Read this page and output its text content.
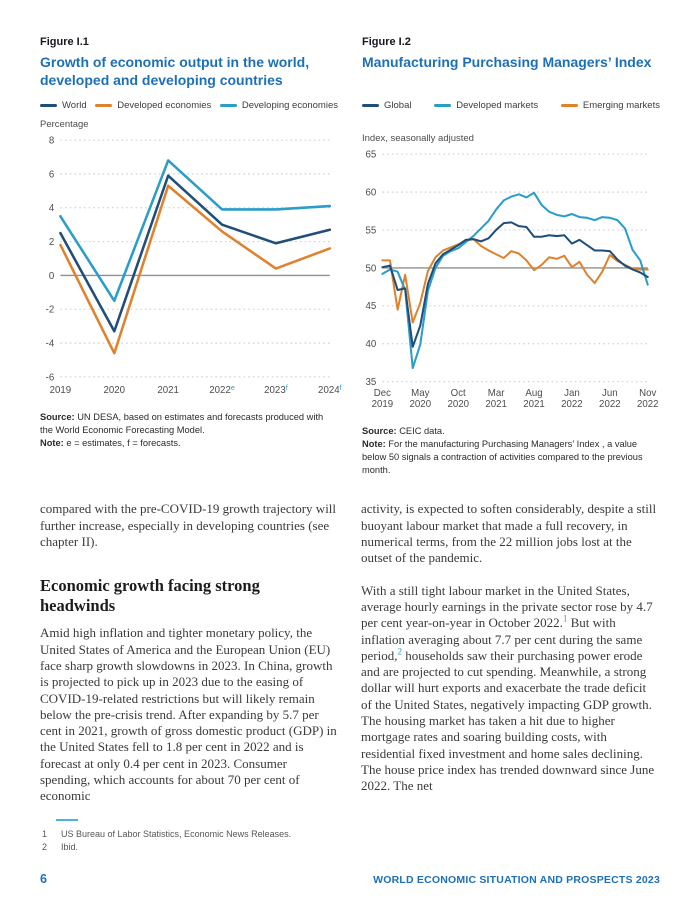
Figure I.1
Growth of economic output in the world, developed and developing countries
World	Developed economies	Developing economies
Percentage
8
6
4
2
0
-2
-4
-6
2019	2020	2021	2022e	2023$^f$	2024$^f$

Source: UN DESA, based on estimates and forecasts produced with the World Economic Forecasting Model.
Note: e = estimates, f = forecasts.

Figure I.2
Manufacturing Purchasing Managers’ Index
Global	Developed markets	Emerging markets
Index, seasonally adjusted
65
60
55
50
45
40
35
Dec
2019
May
2020
Oct
2020
Mar
2021
Aug
2021
Jan
2022
Jun
2022
Nov
2022

Source: CEIC data.
Note: For the manufacturing Purchasing Managers’ Index , a value below 50 signals a contraction of activities compared to the previous month.

compared with the pre-COVID-19 growth trajectory will further increase, especially in developing countries (see chapter II).

Economic growth facing strong headwinds

Amid high inflation and tighter monetary policy, the United States of America and the European Union (EU) face sharp growth slowdowns in 2023. In China, growth is projected to pick up in 2023 due to the easing of COVID-19-related restrictions but will likely remain below the pre-crisis trend. After expanding by 5.7 per cent in 2021, growth of gross domestic product (GDP) in the United States fell to 1.8 per cent in 2022 and is forecast at only 0.4 per cent in 2023. Consumer spending, which accounts for about 70 per cent of economic

activity, is expected to soften considerably, despite a still buoyant labour market that made a full recovery, in numerical terms, from the 22 million jobs lost at the outset of the pandemic.

With a still tight labour market in the United States, average hourly earnings in the private sector rose by 4.7 per cent year-on-year in October 2022.$^1$ But with inflation averaging about 7.7 per cent during the same period,$^2$ households saw their purchasing power erode and are projected to cut spending. Meanwhile, a strong dollar will hurt exports and exacerbate the trade deficit of the United States, negatively impacting GDP growth. The housing market has taken a hit due to higher mortgage rates and soaring building costs, with residential fixed investment and home sales declining. The house price index has trended downward since June 2022. The net

1 US Bureau of Labor Statistics, Economic News Releases.
2 Ibid.
6	WORLD ECONOMIC SITUATION AND PROSPECTS 2023
